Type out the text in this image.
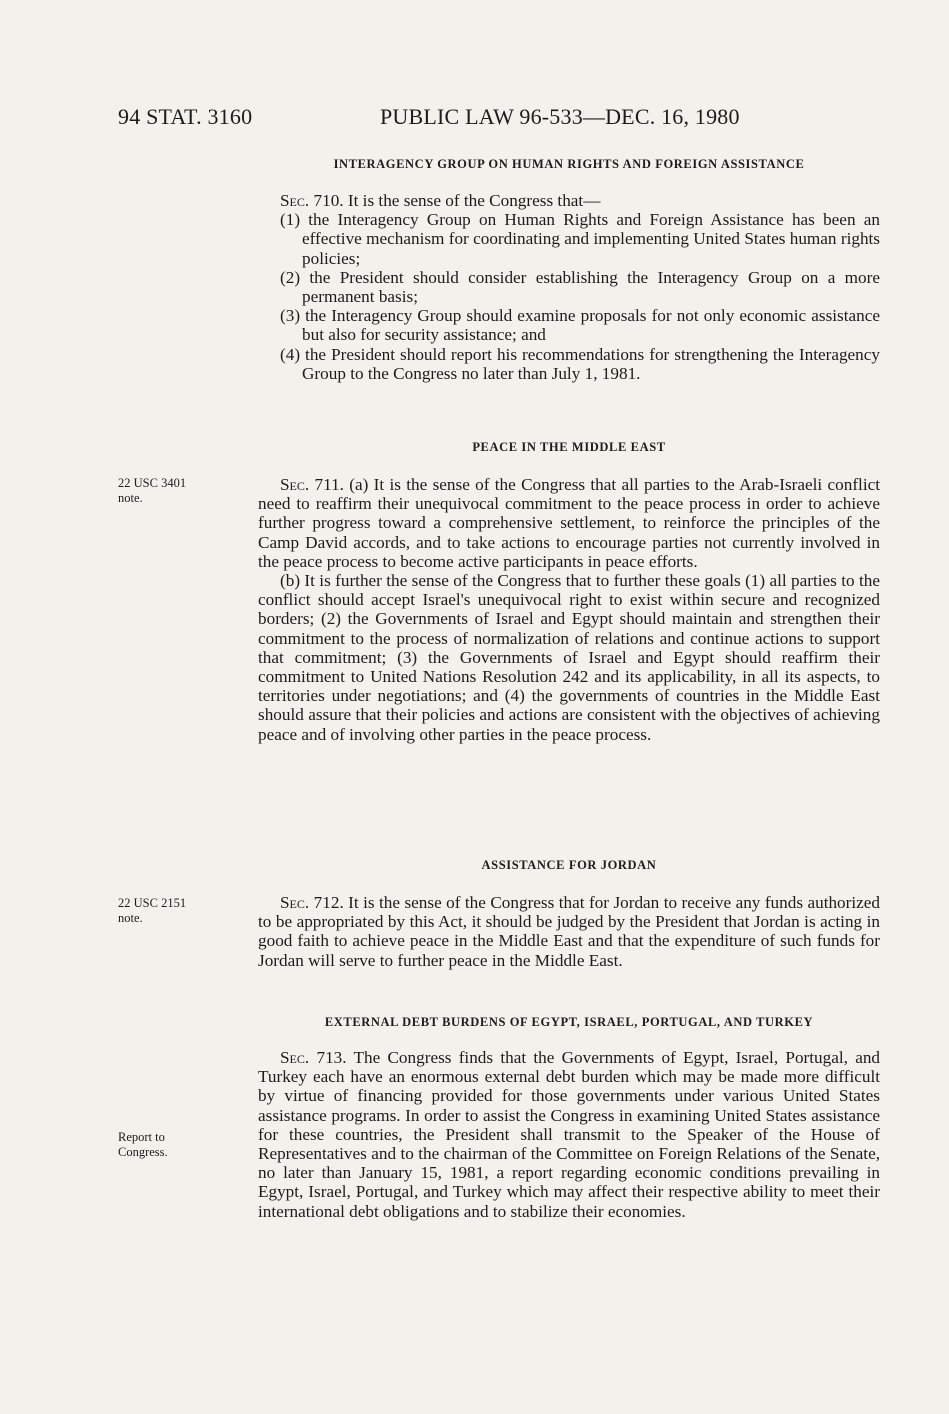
94 STAT. 3160	PUBLIC LAW 96-533—DEC. 16, 1980
INTERAGENCY GROUP ON HUMAN RIGHTS AND FOREIGN ASSISTANCE

Sec. 710. It is the sense of the Congress that—

(1) the Interagency Group on Human Rights and Foreign Assistance has been an effective mechanism for coordinating and implementing United States human rights policies;

(2) the President should consider establishing the Interagency Group on a more permanent basis;

(3) the Interagency Group should examine proposals for not only economic assistance but also for security assistance; and

(4) the President should report his recommendations for strengthening the Interagency Group to the Congress no later than July 1, 1981.

PEACE IN THE MIDDLE EAST
22 USC 3401
note.

Sec. 711. (a) It is the sense of the Congress that all parties to the Arab-Israeli conflict need to reaffirm their unequivocal commitment to the peace process in order to achieve further progress toward a comprehensive settlement, to reinforce the principles of the Camp David accords, and to take actions to encourage parties not currently involved in the peace process to become active participants in peace efforts.

(b) It is further the sense of the Congress that to further these goals (1) all parties to the conflict should accept Israel's unequivocal right to exist within secure and recognized borders; (2) the Governments of Israel and Egypt should maintain and strengthen their commitment to the process of normalization of relations and continue actions to support that commitment; (3) the Governments of Israel and Egypt should reaffirm their commitment to United Nations Resolution 242 and its applicability, in all its aspects, to territories under negotiations; and (4) the governments of countries in the Middle East should assure that their policies and actions are consistent with the objectives of achieving peace and of involving other parties in the peace process.

ASSISTANCE FOR JORDAN
22 USC 2151
note.

Sec. 712. It is the sense of the Congress that for Jordan to receive any funds authorized to be appropriated by this Act, it should be judged by the President that Jordan is acting in good faith to achieve peace in the Middle East and that the expenditure of such funds for Jordan will serve to further peace in the Middle East.

EXTERNAL DEBT BURDENS OF EGYPT, ISRAEL, PORTUGAL, AND TURKEY
Report to
Congress.

Sec. 713. The Congress finds that the Governments of Egypt, Israel, Portugal, and Turkey each have an enormous external debt burden which may be made more difficult by virtue of financing provided for those governments under various United States assistance programs. In order to assist the Congress in examining United States assistance for these countries, the President shall transmit to the Speaker of the House of Representatives and to the chairman of the Committee on Foreign Relations of the Senate, no later than January 15, 1981, a report regarding economic conditions prevailing in Egypt, Israel, Portugal, and Turkey which may affect their respective ability to meet their international debt obligations and to stabilize their economies.
